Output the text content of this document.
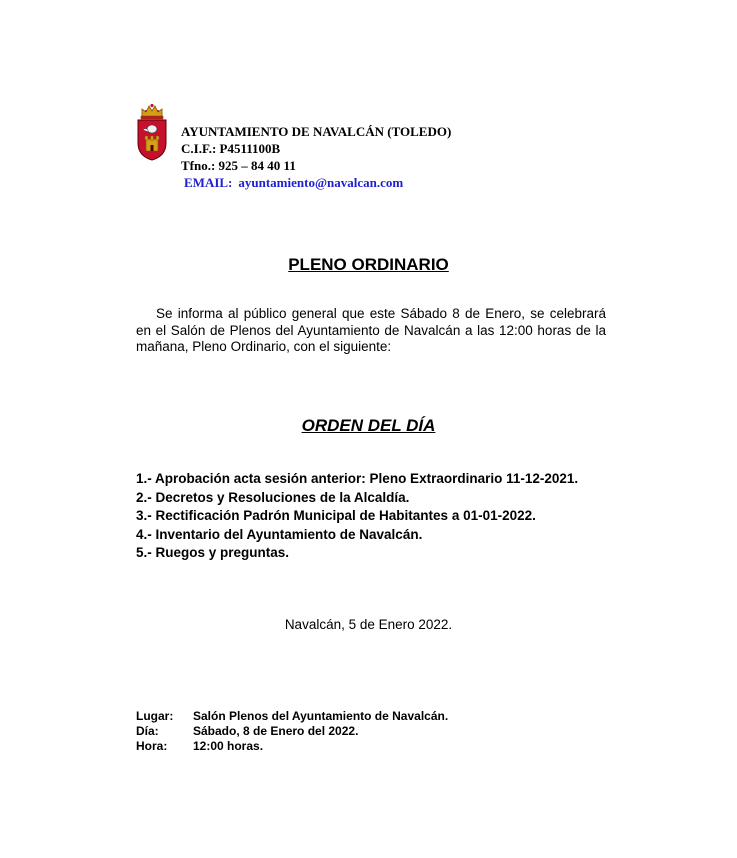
AYUNTAMIENTO DE NAVALCÁN (TOLEDO)
C.I.F.: P4511100B
Tfno.: 925 – 84 40 11
EMAIL: ayuntamiento@navalcan.com
PLENO ORDINARIO
Se informa al público general que este Sábado 8 de Enero, se celebrará en el Salón de Plenos del Ayuntamiento de Navalcán a las 12:00 horas de la mañana, Pleno Ordinario, con el siguiente:
ORDEN DEL DÍA
1.- Aprobación acta sesión anterior: Pleno Extraordinario 11-12-2021.
2.- Decretos y Resoluciones de la Alcaldía.
3.- Rectificación Padrón Municipal de Habitantes a 01-01-2022.
4.- Inventario del Ayuntamiento de Navalcán.
5.- Ruegos y preguntas.
Navalcán, 5 de Enero 2022.
Lugar: Salón Plenos del Ayuntamiento de Navalcán.
Día:	Sábado, 8 de Enero del 2022.
Hora: 12:00 horas.
